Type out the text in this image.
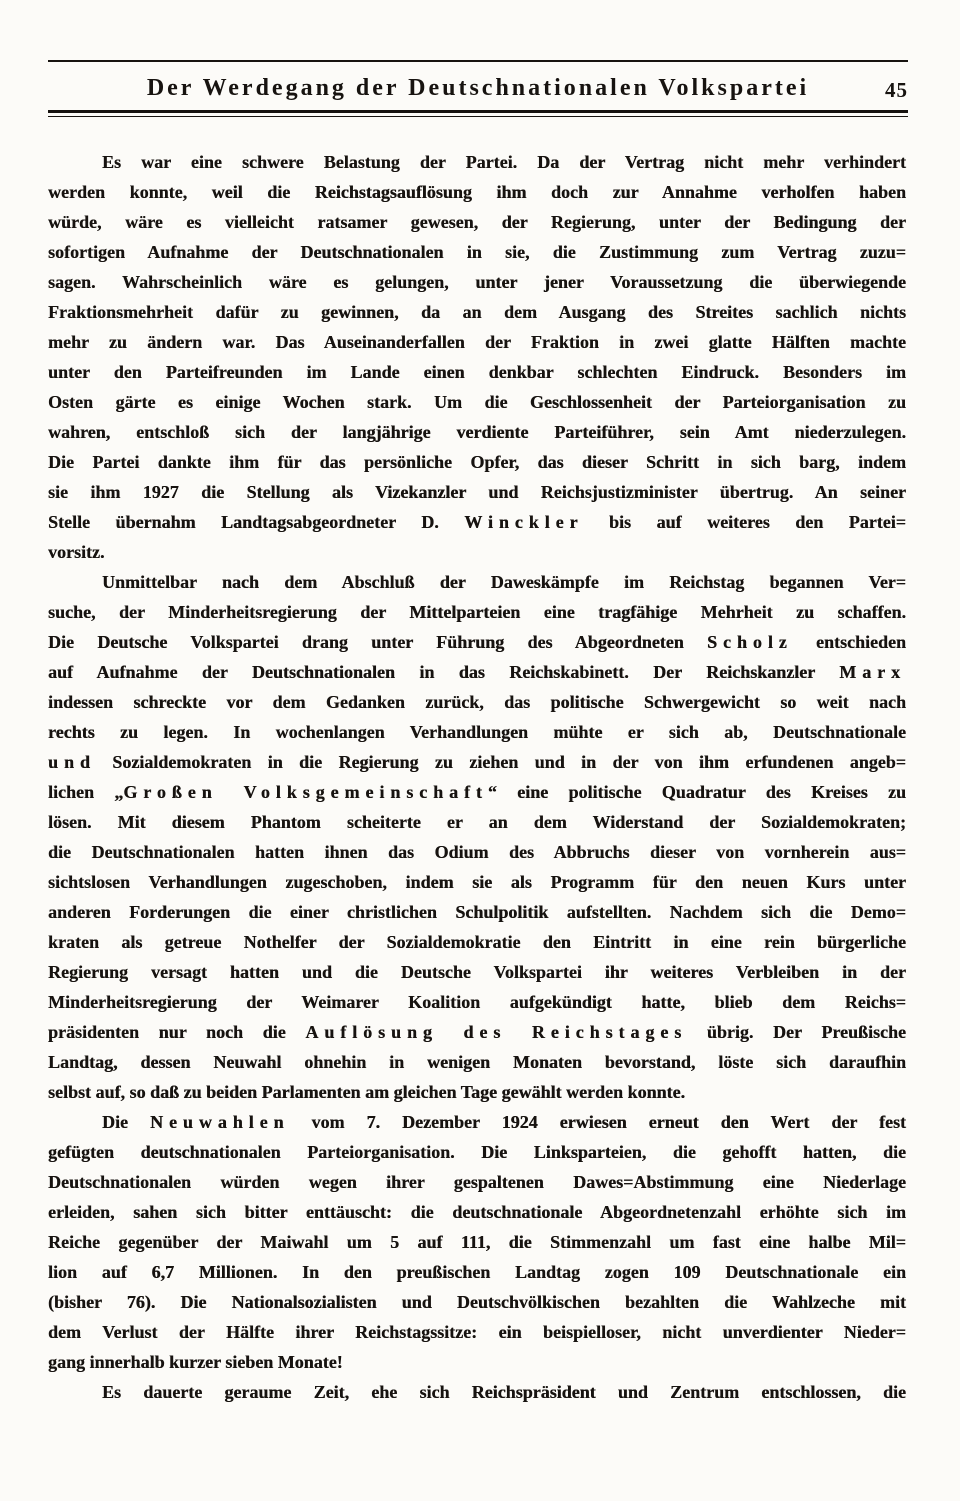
Der Werdegang der Deutschnationalen Volkspartei	45
Es war eine schwere Belastung der Partei. Da der Vertrag nicht mehr verhindert
werden konnte, weil die Reichstagsauflösung ihm doch zur Annahme verholfen haben
würde, wäre es vielleicht ratsamer gewesen, der Regierung, unter der Bedingung der
sofortigen Aufnahme der Deutschnationalen in sie, die Zustimmung zum Vertrag zuzu=
sagen. Wahrscheinlich wäre es gelungen, unter jener Voraussetzung die überwiegende
Fraktionsmehrheit dafür zu gewinnen, da an dem Ausgang des Streites sachlich nichts
mehr zu ändern war. Das Auseinanderfallen der Fraktion in zwei glatte Hälften machte
unter den Parteifreunden im Lande einen denkbar schlechten Eindruck. Besonders im
Osten gärte es einige Wochen stark. Um die Geschlossenheit der Parteiorganisation zu
wahren, entschloß sich der langjährige verdiente Parteiführer, sein Amt niederzulegen.
Die Partei dankte ihm für das persönliche Opfer, das dieser Schritt in sich barg, indem
sie ihm 1927 die Stellung als Vizekanzler und Reichsjustizminister übertrug. An seiner
Stelle übernahm Landtagsabgeordneter D. Winckler bis auf weiteres den Partei=
vorsitz.
Unmittelbar nach dem Abschluß der Daweskämpfe im Reichstag begannen Ver=
suche, der Minderheitsregierung der Mittelparteien eine tragfähige Mehrheit zu schaffen.
Die Deutsche Volkspartei drang unter Führung des Abgeordneten Scholz entschieden
auf Aufnahme der Deutschnationalen in das Reichskabinett. Der Reichskanzler Marx
indessen schreckte vor dem Gedanken zurück, das politische Schwergewicht so weit nach
rechts zu legen. In wochenlangen Verhandlungen mühte er sich ab, Deutschnationale
und Sozialdemokraten in die Regierung zu ziehen und in der von ihm erfundenen angeb=
lichen „Großen Volksgemeinschaft“ eine politische Quadratur des Kreises zu
lösen. Mit diesem Phantom scheiterte er an dem Widerstand der Sozialdemokraten;
die Deutschnationalen hatten ihnen das Odium des Abbruchs dieser von vornherein aus=
sichtslosen Verhandlungen zugeschoben, indem sie als Programm für den neuen Kurs unter
anderen Forderungen die einer christlichen Schulpolitik aufstellten. Nachdem sich die Demo=
kraten als getreue Nothelfer der Sozialdemokratie den Eintritt in eine rein bürgerliche
Regierung versagt hatten und die Deutsche Volkspartei ihr weiteres Verbleiben in der
Minderheitsregierung der Weimarer Koalition aufgekündigt hatte, blieb dem Reichs=
präsidenten nur noch die Auflösung des Reichstages übrig. Der Preußische
Landtag, dessen Neuwahl ohnehin in wenigen Monaten bevorstand, löste sich daraufhin
selbst auf, so daß zu beiden Parlamenten am gleichen Tage gewählt werden konnte.
Die Neuwahlen vom 7. Dezember 1924 erwiesen erneut den Wert der fest
gefügten deutschnationalen Parteiorganisation. Die Linksparteien, die gehofft hatten, die
Deutschnationalen würden wegen ihrer gespaltenen Dawes=Abstimmung eine Niederlage
erleiden, sahen sich bitter enttäuscht: die deutschnationale Abgeordnetenzahl erhöhte sich im
Reiche gegenüber der Maiwahl um 5 auf 111, die Stimmenzahl um fast eine halbe Mil=
lion auf 6,7 Millionen. In den preußischen Landtag zogen 109 Deutschnationale ein
(bisher 76). Die Nationalsozialisten und Deutschvölkischen bezahlten die Wahlzeche mit
dem Verlust der Hälfte ihrer Reichstagssitze: ein beispielloser, nicht unverdienter Nieder=
gang innerhalb kurzer sieben Monate!
Es dauerte geraume Zeit, ehe sich Reichspräsident und Zentrum entschlossen, die
